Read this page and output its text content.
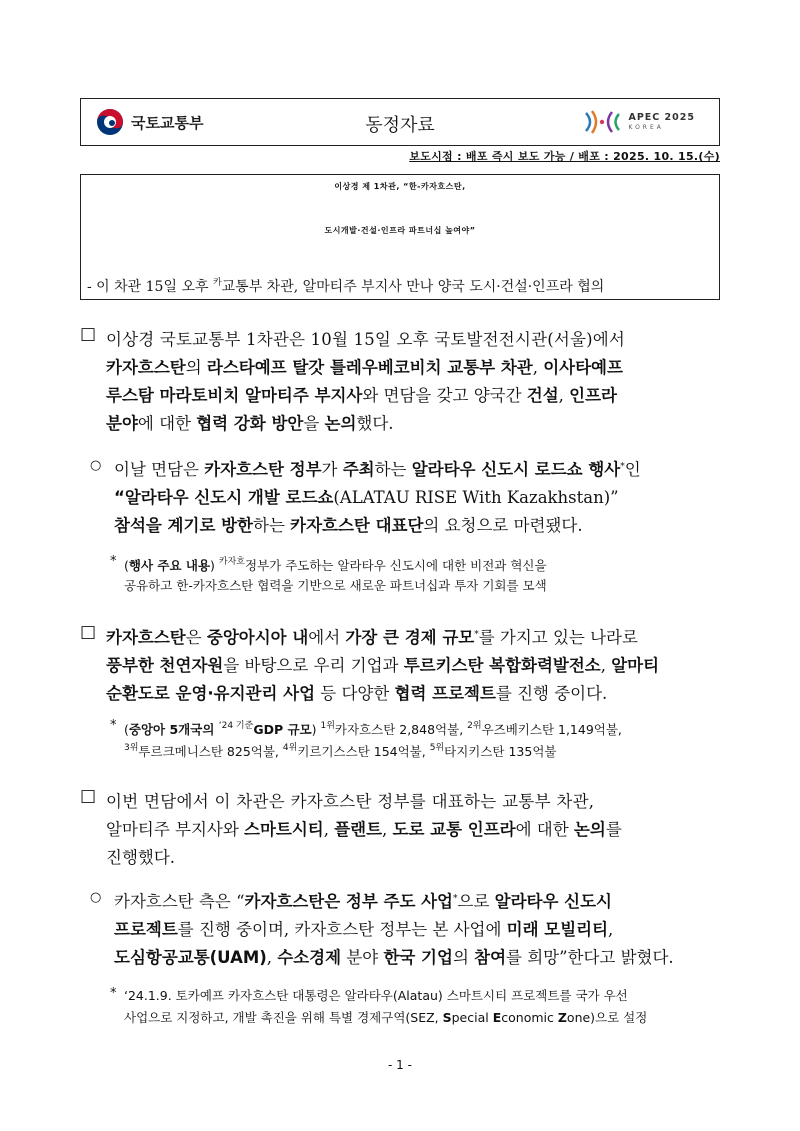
국토교통부	동정자료	APEC 2025
KOREA
보도시점 : 배포 즉시 보도 가능 / 배포 : 2025. 10. 15.(수)
이상경 제 1차관, “한-카자흐스탄,
도시개발·건설·인프라 파트너십 높여야”
- 이 차관 15일 오후 $^카$교통부 차관, 알마티주 부지사 만나 양국 도시·건설·인프라 협의
□ 이상경 국토교통부 1차관은 10월 15일 오후 국토발전전시관(서울)에서
카자흐스탄의 라스타예프 탈갓 틀레우베코비치 교통부 차관, 이사타예프
루스탐 마라토비치 알마티주 부지사와 면담을 갖고 양국간 건설, 인프라
분야에 대한 협력 강화 방안을 논의했다.
○ 이날 면담은 카자흐스탄 정부가 주최하는 알라타우 신도시 로드쇼 행사*인
“알라타우 신도시 개발 로드쇼(ALATAU RISE With Kazakhstan)”
참석을 계기로 방한하는 카자흐스탄 대표단의 요청으로 마련됐다.
* (행사 주요 내용) $^{카자흐}$정부가 주도하는 알라타우 신도시에 대한 비전과 혁신을
공유하고 한-카자흐스탄 협력을 기반으로 새로운 파트너십과 투자 기회를 모색
□ 카자흐스탄은 중앙아시아 내에서 가장 큰 경제 규모*를 가지고 있는 나라로
풍부한 천연자원을 바탕으로 우리 기업과 투르키스탄 복합화력발전소, 알마티
순환도로 운영·유지관리 사업 등 다양한 협력 프로젝트를 진행 중이다.
* (중앙아 5개국의 $^{‘24 기준}$GDP 규모) $^{1위}$카자흐스탄 2,848억불, $^{2위}$우즈베키스탄 1,149억불,
$^{3위}$투르크메니스탄 825억불, $^{4위}$키르기스스탄 154억불, $^{5위}$타지키스탄 135억불
□ 이번 면담에서 이 차관은 카자흐스탄 정부를 대표하는 교통부 차관,
알마티주 부지사와 스마트시티, 플랜트, 도로 교통 인프라에 대한 논의를
진행했다.
○ 카자흐스탄 측은 “카자흐스탄은 정부 주도 사업*으로 알라타우 신도시
프로젝트를 진행 중이며, 카자흐스탄 정부는 본 사업에 미래 모빌리티,
도심항공교통(UAM), 수소경제 분야 한국 기업의 참여를 희망”한다고 밝혔다.
* ‘24.1.9. 토카예프 카자흐스탄 대통령은 알라타우(Alatau) 스마트시티 프로젝트를 국가 우선
사업으로 지정하고, 개발 촉진을 위해 특별 경제구역(SEZ, Special Economic Zone)으로 설정
- 1 -
